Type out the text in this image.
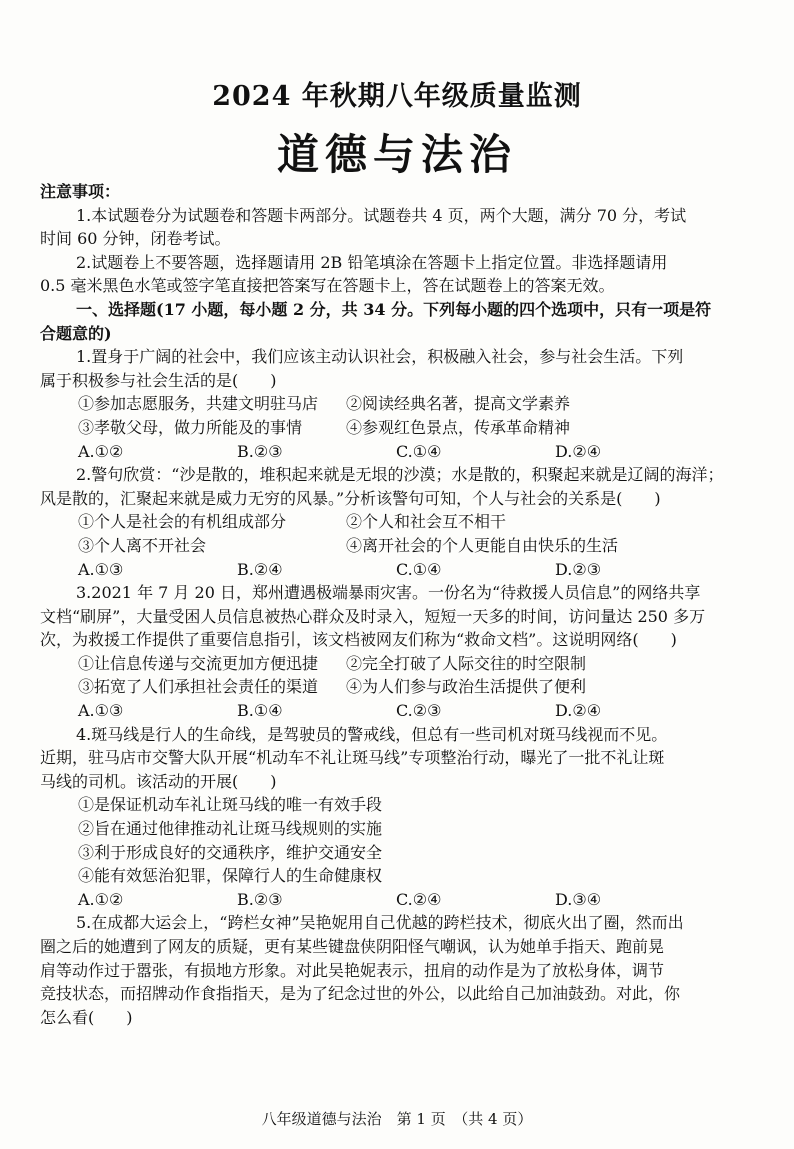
2024 年秋期八年级质量监测
道德与法治
注意事项：
1.本试题卷分为试题卷和答题卡两部分。试题卷共 4 页，两个大题，满分 70 分，考试
时间 60 分钟，闭卷考试。
2.试题卷上不要答题，选择题请用 2B 铅笔填涂在答题卡上指定位置。非选择题请用
0.5 毫米黑色水笔或签字笔直接把答案写在答题卡上，答在试题卷上的答案无效。
一、选择题(17 小题，每小题 2 分，共 34 分。下列每小题的四个选项中，只有一项是符
合题意的)
1.置身于广阔的社会中，我们应该主动认识社会，积极融入社会，参与社会生活。下列
属于积极参与社会生活的是(　　)
①参加志愿服务，共建文明驻马店	②阅读经典名著，提高文学素养
③孝敬父母，做力所能及的事情	④参观红色景点，传承革命精神
A.①②	B.②③	C.①④	D.②④
2.警句欣赏：“沙是散的，堆积起来就是无垠的沙漠；水是散的，积聚起来就是辽阔的海洋；
风是散的，汇聚起来就是威力无穷的风暴。”分析该警句可知，个人与社会的关系是(　　)
①个人是社会的有机组成部分	②个人和社会互不相干
③个人离不开社会	④离开社会的个人更能自由快乐的生活
A.①③	B.②④	C.①④	D.②③
3.2021 年 7 月 20 日，郑州遭遇极端暴雨灾害。一份名为“待救援人员信息”的网络共享
文档“刷屏”，大量受困人员信息被热心群众及时录入，短短一天多的时间，访问量达 250 多万
次，为救援工作提供了重要信息指引，该文档被网友们称为“救命文档”。这说明网络(　　)
①让信息传递与交流更加方便迅捷	②完全打破了人际交往的时空限制
③拓宽了人们承担社会责任的渠道	④为人们参与政治生活提供了便利
A.①③	B.①④	C.②③	D.②④
4.斑马线是行人的生命线，是驾驶员的警戒线，但总有一些司机对斑马线视而不见。
近期，驻马店市交警大队开展“机动车不礼让斑马线”专项整治行动，曝光了一批不礼让斑
马线的司机。该活动的开展(　　)
①是保证机动车礼让斑马线的唯一有效手段
②旨在通过他律推动礼让斑马线规则的实施
③利于形成良好的交通秩序，维护交通安全
④能有效惩治犯罪，保障行人的生命健康权
A.①②	B.②③	C.②④	D.③④
5.在成都大运会上，“跨栏女神”吴艳妮用自己优越的跨栏技术，彻底火出了圈，然而出
圈之后的她遭到了网友的质疑，更有某些键盘侠阴阳怪气嘲讽，认为她单手指天、跑前晃
肩等动作过于嚣张，有损地方形象。对此吴艳妮表示，扭肩的动作是为了放松身体，调节
竞技状态，而招牌动作食指指天，是为了纪念过世的外公，以此给自己加油鼓劲。对此，你
怎么看(　　)
八年级道德与法治　第 1 页　（共 4 页）
